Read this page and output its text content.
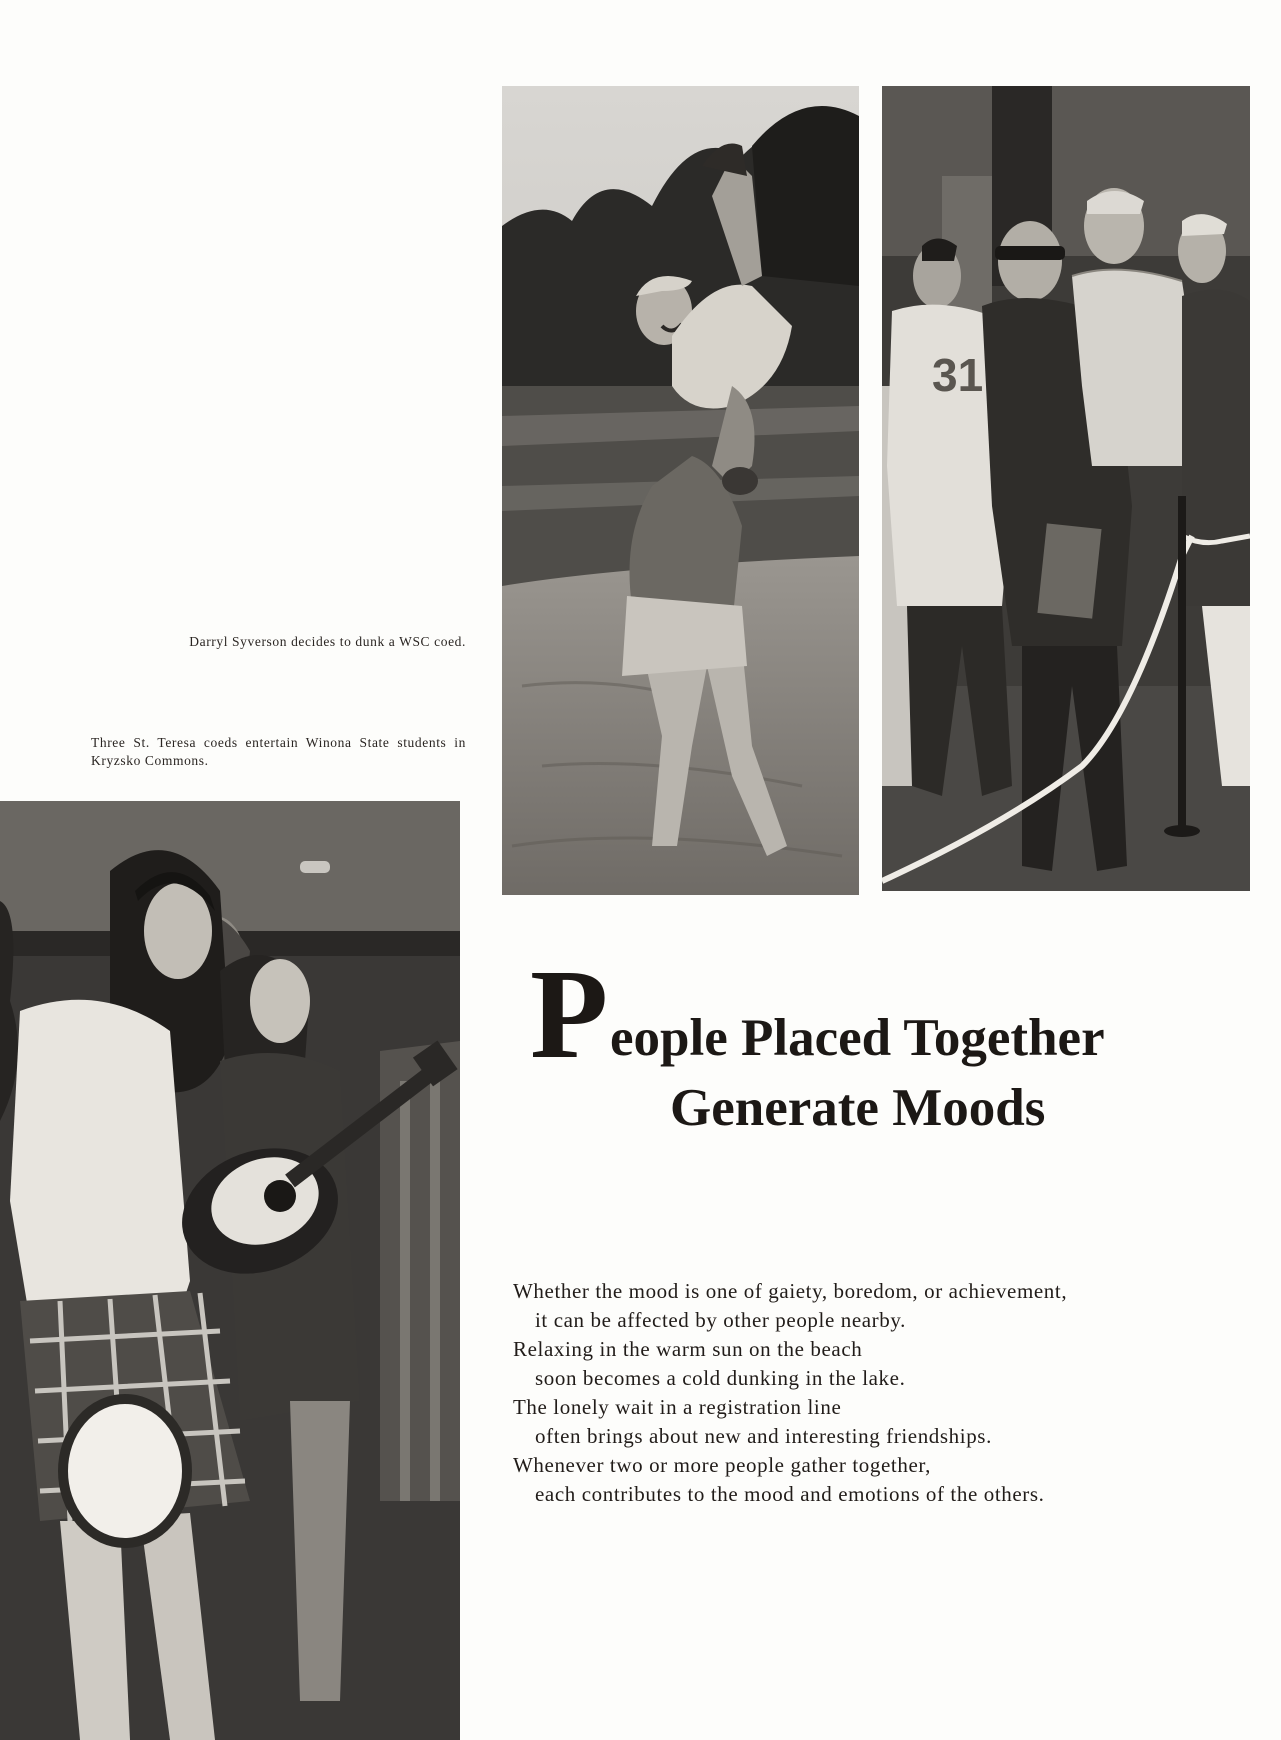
31
Darryl Syverson decides to dunk a WSC coed.
Three St. Teresa coeds entertain Winona State students in Kryzsko Commons.
P eople Placed Together
Generate Moods
Whether the mood is one of gaiety, boredom, or achievement,
it can be affected by other people nearby.
Relaxing in the warm sun on the beach
soon becomes a cold dunking in the lake.
The lonely wait in a registration line
often brings about new and interesting friendships.
Whenever two or more people gather together,
each contributes to the mood and emotions of the others.
